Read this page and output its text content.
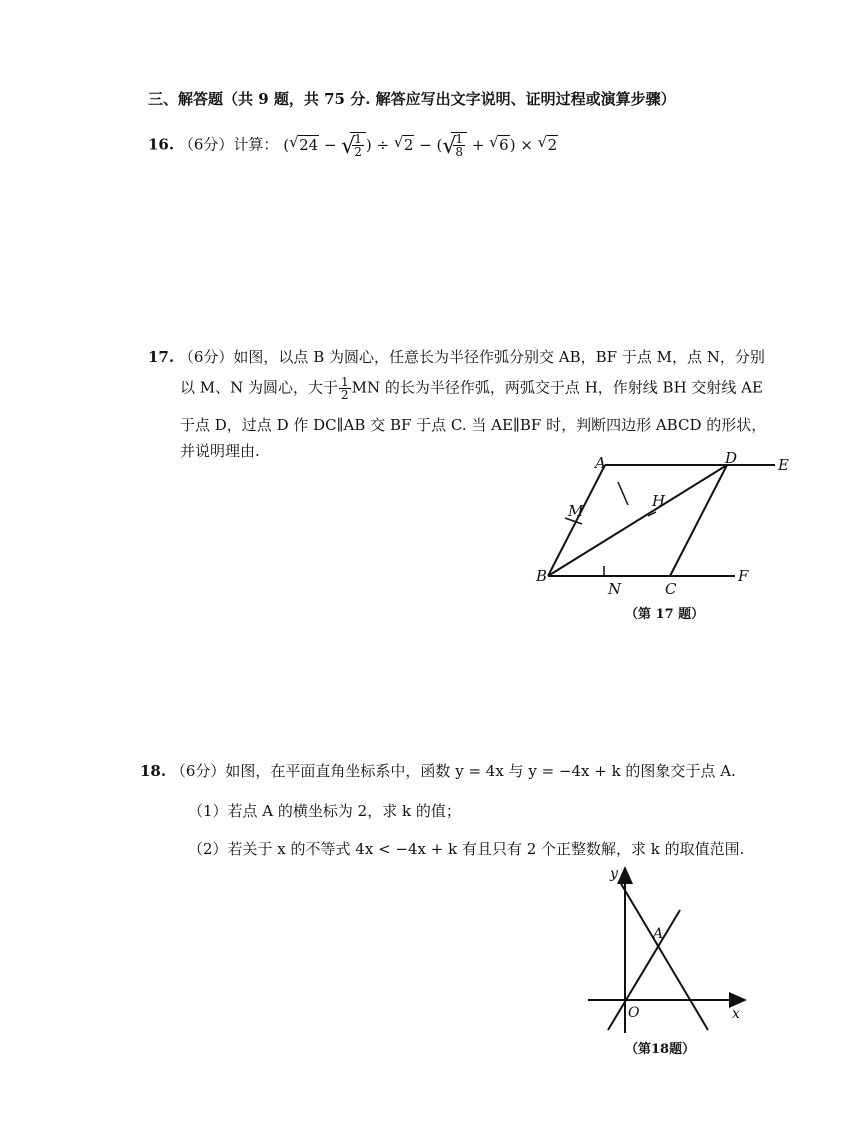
三、解答题（共 9 题，共 75 分. 解答应写出文字说明、证明过程或演算步骤）
16. （6分）计算： ( √ 24 − √
$\frac{1}{2}$ ) ÷ √ 2 − ( √
$\frac{1}{8}$ + √ 6) × √ 2
17. （6分）如图，以点 B 为圆心，任意长为半径作弧分别交 AB，BF 于点 M，点 N，分别
以 M、N 为圆心，大于 $\frac{1}{2}$ MN 的长为半径作弧，两弧交于点 H，作射线 BH 交射线 AE
于点 D，过点 D 作 DC∥AB 交 BF 于点 C. 当 AE∥BF 时，判断四边形 ABCD 的形状，
并说明理由.
A	D	E
M
H
B
N	C
F
（第 17 题）
18. （6分）如图，在平面直角坐标系中，函数 y = 4x 与 y = −4x + k 的图象交于点 A.
（1）若点 A 的横坐标为 2，求 k 的值；
（2）若关于 x 的不等式 4x < −4x + k 有且只有 2 个正整数解，求 k 的取值范围.
y
A
O	x
（第18题）
